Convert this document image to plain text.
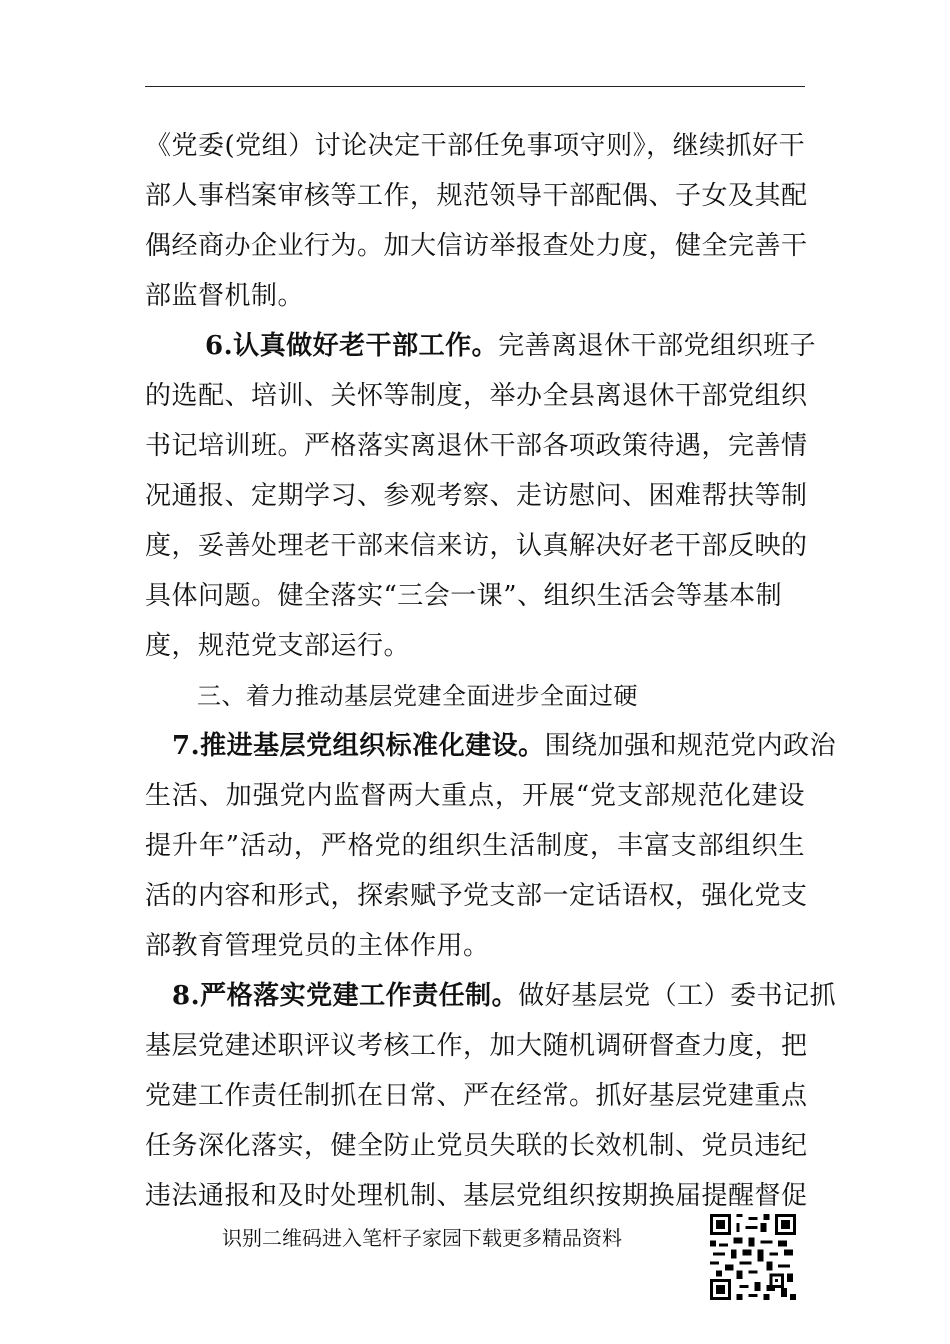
《党委(党组）讨论决定干部任免事项守则》，继续抓好干
部人事档案审核等工作，规范领导干部配偶、子女及其配
偶经商办企业行为。加大信访举报查处力度，健全完善干
部监督机制。
6.认真做好老干部工作。完善离退休干部党组织班子
的选配、培训、关怀等制度，举办全县离退休干部党组织
书记培训班。严格落实离退休干部各项政策待遇，完善情
况通报、定期学习、参观考察、走访慰问、困难帮扶等制
度，妥善处理老干部来信来访，认真解决好老干部反映的
具体问题。健全落实“三会一课”、组织生活会等基本制
度，规范党支部运行。
三、着力推动基层党建全面进步全面过硬
7.推进基层党组织标准化建设。围绕加强和规范党内政治
生活、加强党内监督两大重点，开展“党支部规范化建设
提升年”活动，严格党的组织生活制度，丰富支部组织生
活的内容和形式，探索赋予党支部一定话语权，强化党支
部教育管理党员的主体作用。
8.严格落实党建工作责任制。做好基层党（工）委书记抓
基层党建述职评议考核工作，加大随机调研督查力度，把
党建工作责任制抓在日常、严在经常。抓好基层党建重点
任务深化落实，健全防止党员失联的长效机制、党员违纪
违法通报和及时处理机制、基层党组织按期换届提醒督促
识别二维码进入笔杆子家园下载更多精品资料
